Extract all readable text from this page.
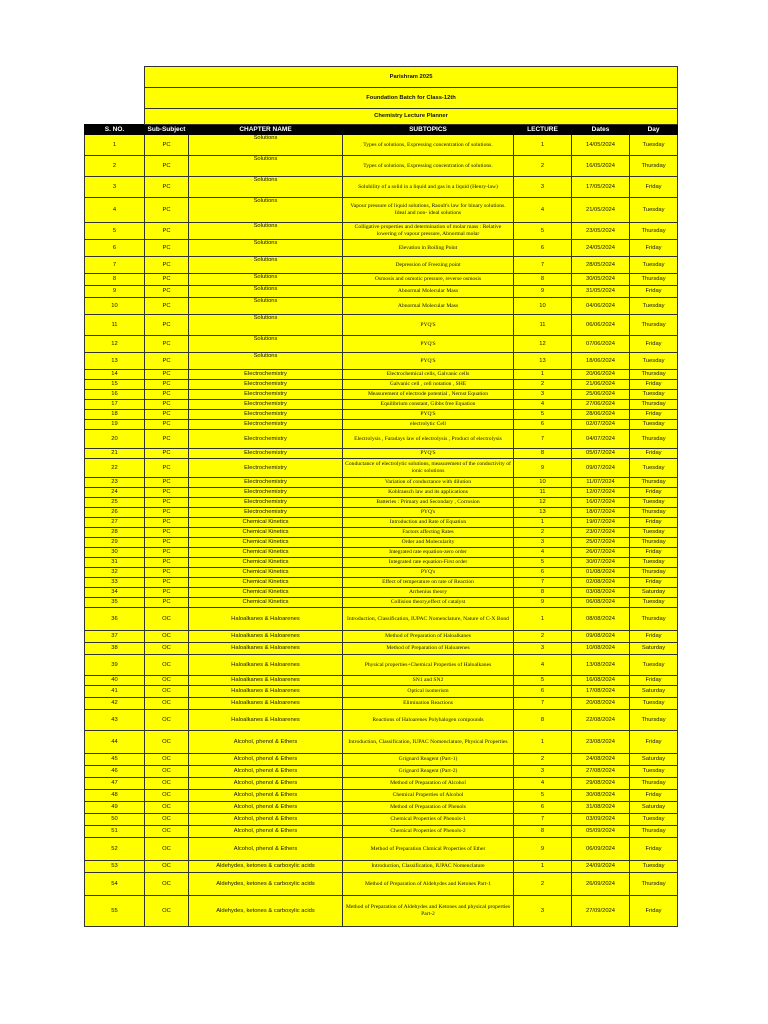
	Parishram 2025					
	Foundation Batch for Class-12th					
	Chemistry Lecture Planner					
S. NO.	Sub-Subject	CHAPTER NAME	SUBTOPICS	LECTURE	Dates	Day
1	PC	Solutions	Types of solutions, Expressing concentration of solutions.	1	14/05/2024	Tuesday
2	PC	Solutions	Types of solutions, Expressing concentration of solutions.	2	16/05/2024	Thursday
3	PC	Solutions	Solubility of a solid in a liquid and gas in a liquid (Henry-law)	3	17/05/2024	Friday
4	PC	Solutions	Vapour pressure of liquid solutions, Raoult's law for binary solutions. Ideal and non- ideal solutions	4	21/05/2024	Tuesday
5	PC	Solutions	Colligative properties and determination of molar mass : Relative lowering of vapour pressure, Abnormal molar	5	23/05/2024	Thursday
6	PC	Solutions	Elevation in Boiling Point	6	24/05/2024	Friday
7	PC	Solutions	Depression of Freezing point	7	28/05/2024	Tuesday
8	PC	Solutions	Osmosis and osmotic pressure, reverse osmosis	8	30/05/2024	Thursday
9	PC	Solutions	Abnormal Molecular Mass	9	31/05/2024	Friday
10	PC	Solutions	Abnormal Molecular Mass	10	04/06/2024	Tuesday
11	PC	Solutions	PYQ'S	11	06/06/2024	Thursday
12	PC	Solutions	PYQ'S	12	07/06/2024	Friday
13	PC	Solutions	PYQ'S	13	18/06/2024	Tuesday
14	PC	Electrochemistry	Electrochemical cells, Galvanic cells	1	20/06/2024	Thursday
15	PC	Electrochemistry	Galvanic cell , cell notation , SHE	2	21/06/2024	Friday
16	PC	Electrochemistry	Measurement of electrode potential , Nernst Equation	3	25/06/2024	Tuesday
17	PC	Electrochemistry	Equilibrium constant, Gibbs free Equation	4	27/06/2024	Thursday
18	PC	Electrochemistry	PYQ'S	5	28/06/2024	Friday
19	PC	Electrochemistry	electrolytic Cell	6	02/07/2024	Tuesday
20	PC	Electrochemistry	Electrolysis , Faradays law of electrolysis , Product of electrolysis	7	04/07/2024	Thursday
21	PC	Electrochemistry	PYQ'S	8	05/07/2024	Friday
22	PC	Electrochemistry	Conductance of electrolytic solutions, measurement of the conductivity of ionic solutions	9	09/07/2024	Tuesday
23	PC	Electrochemistry	Variation of conductance with dilution	10	11/07/2024	Thursday
24	PC	Electrochemistry	Kohlrausch law and its applications	11	12/07/2024	Friday
25	PC	Electrochemistry	Batteries : Primary and Secondary , Corrosion	12	16/07/2024	Tuesday
26	PC	Electrochemistry	PYQ's	13	18/07/2024	Thursday
27	PC	Chemical Kinetics	Introduction and Rate of Equation	1	19/07/2024	Friday
28	PC	Chemical Kinetics	Factors affecting Rates	2	23/07/2024	Tuesday
29	PC	Chemical Kinetics	Order and Molecularity	3	25/07/2024	Thursday
30	PC	Chemical Kinetics	Integrated rate equation-zero order	4	26/07/2024	Friday
31	PC	Chemical Kinetics	Integrated rate equation-First order	5	30/07/2024	Tuesday
32	PC	Chemical Kinetics	PYQ's	6	01/08/2024	Thursday
33	PC	Chemical Kinetics	Effect of temperature on rate of Reaction	7	02/08/2024	Friday
34	PC	Chemical Kinetics	Arrhenius theory	8	03/08/2024	Saturday
35	PC	Chemical Kinetics	Collision theory,effect of catalyst	9	06/08/2024	Tuesday
36	OC	Haloalkanes & Haloarenes	Introduction, Classification, IUPAC Nomenclature, Nature of C-X Bond	1	08/08/2024	Thursday
37	OC	Haloalkanes & Haloarenes	Method of Preparation of Haloalkanes	2	09/08/2024	Friday
38	OC	Haloalkanes & Haloarenes	Method of Preparation of Haloarenes	3	10/08/2024	Saturday
39	OC	Haloalkanes & Haloarenes	Physical properties+Chemical Properties of Haloalkanes	4	13/08/2024	Tuesday
40	OC	Haloalkanes & Haloarenes	SN1 and SN2	5	16/08/2024	Friday
41	OC	Haloalkanes & Haloarenes	Optical isomerism	6	17/08/2024	Saturday
42	OC	Haloalkanes & Haloarenes	Elimination Reactions	7	20/08/2024	Tuesday
43	OC	Haloalkanes & Haloarenes	Reactions of Haloarenes Polyhalogen compounds	8	22/08/2024	Thursday
44	OC	Alcohol, phenol & Ethers	Introduction, Classification, IUPAC Nomenclature, Physical Properties	1	23/08/2024	Friday
45	OC	Alcohol, phenol & Ethers	Grignard Reagent (Part-1)	2	24/08/2024	Saturday
46	OC	Alcohol, phenol & Ethers	Grignard Reagent (Part-2)	3	27/08/2024	Tuesday
47	OC	Alcohol, phenol & Ethers	Method of Preparation of Alcohol	4	29/08/2024	Thursday
48	OC	Alcohol, phenol & Ethers	Chemical Properties of Alcohol	5	30/08/2024	Friday
49	OC	Alcohol, phenol & Ethers	Method of Preparation of Phenols	6	31/08/2024	Saturday
50	OC	Alcohol, phenol & Ethers	Chemical Properties of Phenols-1	7	03/09/2024	Tuesday
51	OC	Alcohol, phenol & Ethers	Chemical Properties of Phenols-2	8	05/09/2024	Thursday
52	OC	Alcohol, phenol & Ethers	Method of Preparation Chmical Properties of Ether	9	06/09/2024	Friday
53	OC	Aldehydes, ketones & carboxylic acids	Introduction, Classification, IUPAC Nomenclature	1	24/09/2024	Tuesday
54	OC	Aldehydes, ketones & carboxylic acids	Method of Preparation of Aldehydes and Ketones Part-1	2	26/09/2024	Thursday
55	OC	Aldehydes, ketones & carboxylic acids	Method of Preparation of Aldehydes and Ketones and physical properties Part-2	3	27/09/2024	Friday
